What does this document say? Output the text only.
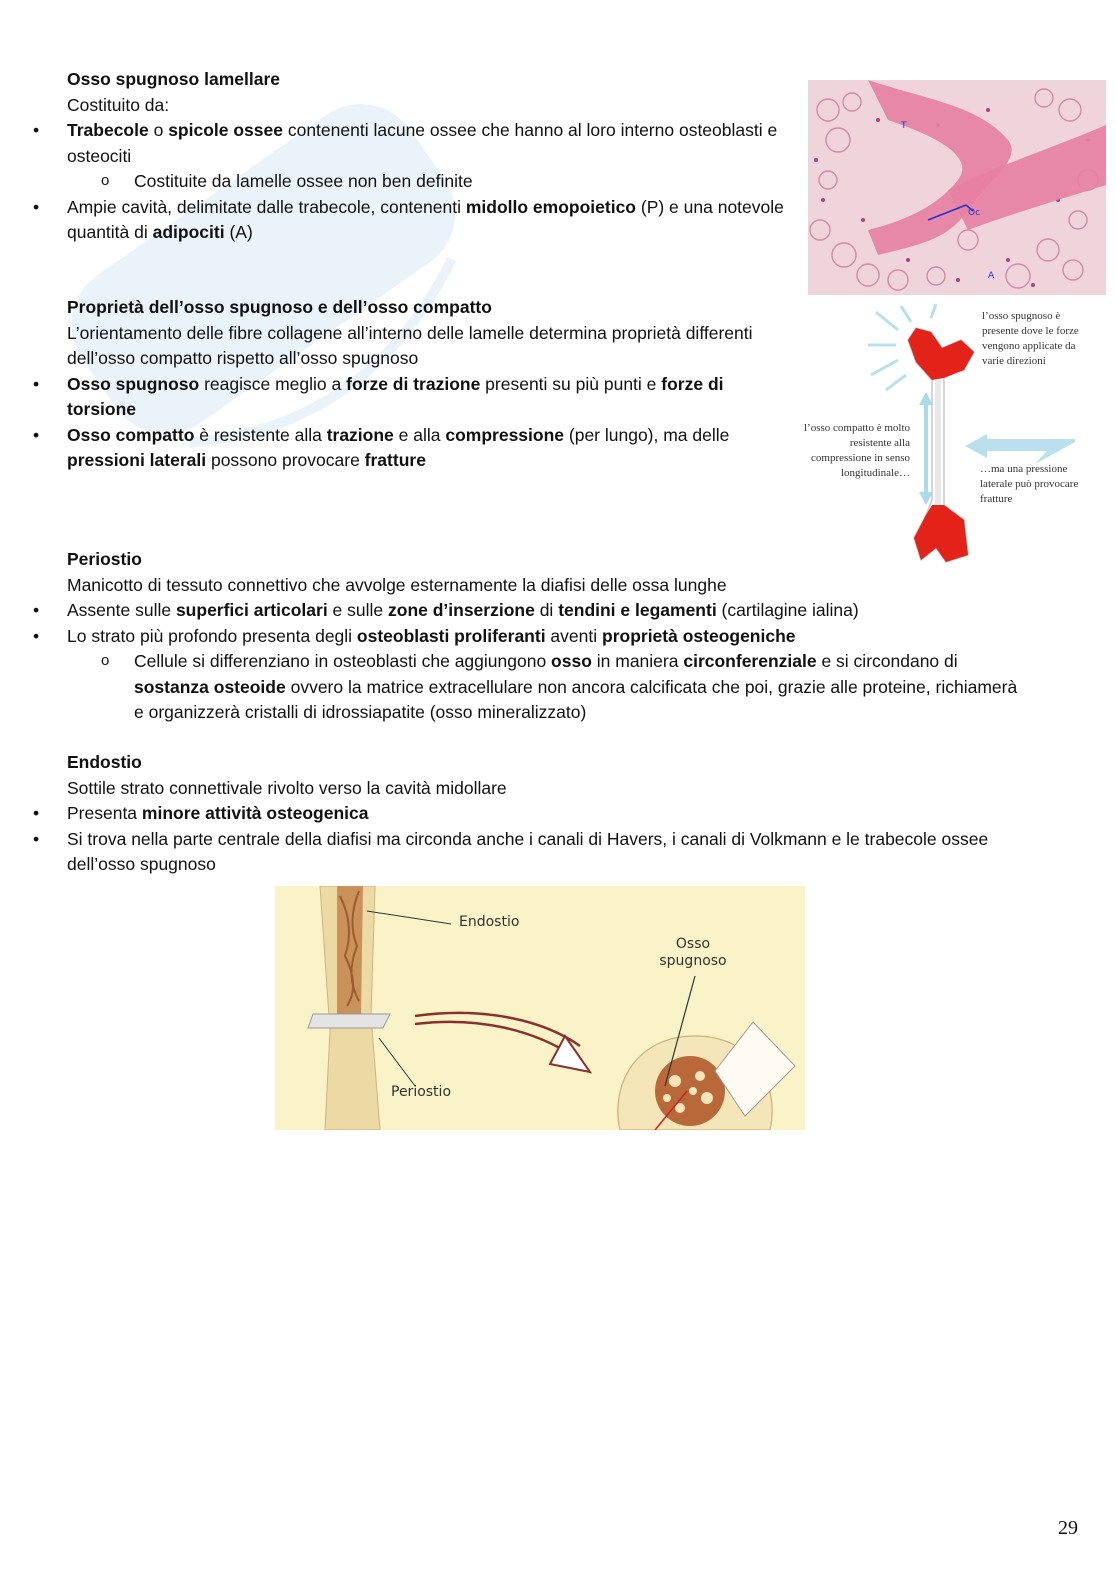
Osso spugnoso lamellare
Costituito da:
• Trabecole o spicole ossee contenenti lacune ossee che hanno al loro interno osteoblasti e osteociti
o Costituite da lamelle ossee non ben definite
• Ampie cavità, delimitate dalle trabecole, contenenti midollo emopoietico (P) e una notevole quantità di adipociti (A)
Proprietà dell’osso spugnoso e dell’osso compatto
L’orientamento delle fibre collagene all’interno delle lamelle determina proprietà differenti dell’osso compatto rispetto all’osso spugnoso
• Osso spugnoso reagisce meglio a forze di trazione presenti su più punti e forze di torsione
• Osso compatto è resistente alla trazione e alla compressione (per lungo), ma delle pressioni laterali possono provocare fratture
Periostio
Manicotto di tessuto connettivo che avvolge esternamente la diafisi delle ossa lunghe
• Assente sulle superfici articolari e sulle zone d’inserzione di tendini e legamenti (cartilagine ialina)
• Lo strato più profondo presenta degli osteoblasti proliferanti aventi proprietà osteogeniche
o Cellule si differenziano in osteoblasti che aggiungono osso in maniera circonferenziale e si circondano di sostanza osteoide ovvero la matrice extracellulare non ancora calcificata che poi, grazie alle proteine, richiamerà e organizzerà cristalli di idrossiapatite (osso mineralizzato)
Endostio
Sottile strato connettivale rivolto verso la cavità midollare
• Presenta minore attività osteogenica
• Si trova nella parte centrale della diafisi ma circonda anche i canali di Havers, i canali di Volkmann e le trabecole ossee dell’osso spugnoso
T
Oc
A
l’osso spugnoso è presente dove le forze vengono applicate da varie direzioni
l’osso compatto è molto resistente alla compressione in senso longitudinale…	…ma una pressione laterale può provocare fratture
Endostio
Osso spugnoso
Periostio
29
